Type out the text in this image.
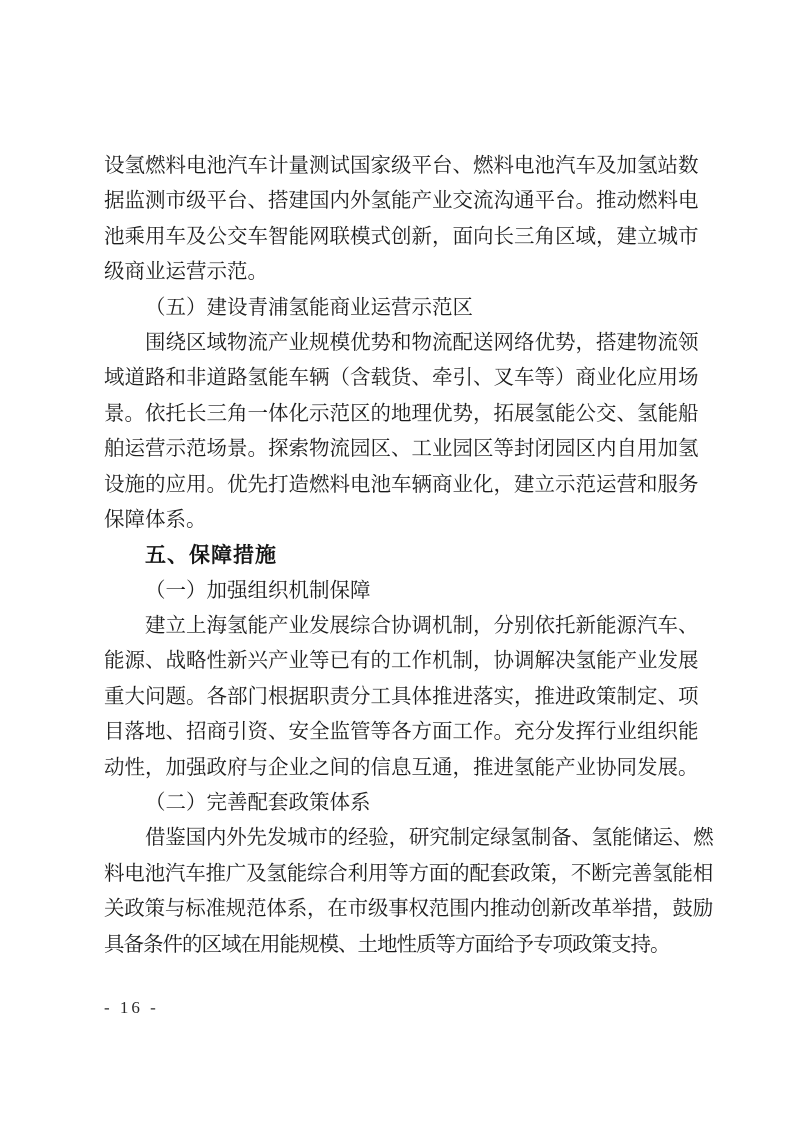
设氢燃料电池汽车计量测试国家级平台、燃料电池汽车及加氢站数
据监测市级平台、搭建国内外氢能产业交流沟通平台。推动燃料电
池乘用车及公交车智能网联模式创新，面向长三角区域，建立城市
级商业运营示范。
（五）建设青浦氢能商业运营示范区
围绕区域物流产业规模优势和物流配送网络优势，搭建物流领
域道路和非道路氢能车辆（含载货、牵引、叉车等）商业化应用场
景。依托长三角一体化示范区的地理优势，拓展氢能公交、氢能船
舶运营示范场景。探索物流园区、工业园区等封闭园区内自用加氢
设施的应用。优先打造燃料电池车辆商业化，建立示范运营和服务
保障体系。
五、保障措施
（一）加强组织机制保障
建立上海氢能产业发展综合协调机制，分别依托新能源汽车、
能源、战略性新兴产业等已有的工作机制，协调解决氢能产业发展
重大问题。各部门根据职责分工具体推进落实，推进政策制定、项
目落地、招商引资、安全监管等各方面工作。充分发挥行业组织能
动性，加强政府与企业之间的信息互通，推进氢能产业协同发展。
（二）完善配套政策体系
借鉴国内外先发城市的经验，研究制定绿氢制备、氢能储运、燃
料电池汽车推广及氢能综合利用等方面的配套政策，不断完善氢能相
关政策与标准规范体系，在市级事权范围内推动创新改革举措，鼓励
具备条件的区域在用能规模、土地性质等方面给予专项政策支持。
- 16 -
